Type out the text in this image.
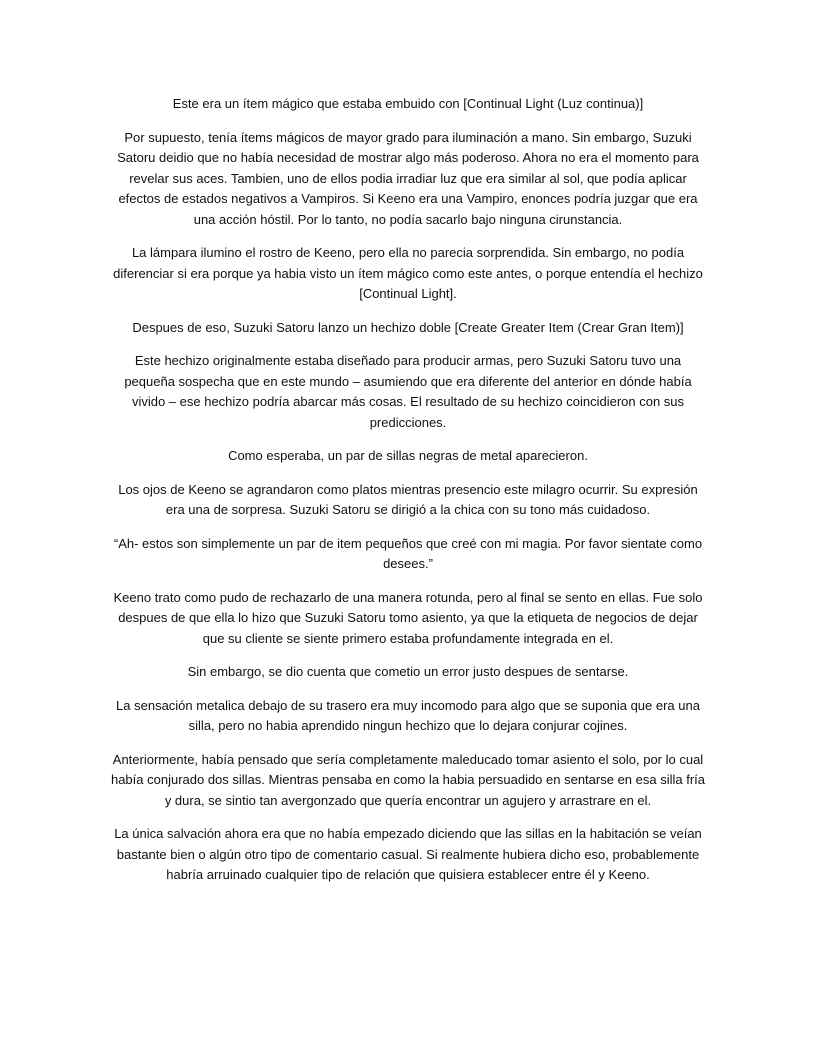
Este era un ítem mágico que estaba embuido con [Continual Light (Luz continua)]

Por supuesto, tenía ítems mágicos de mayor grado para iluminación a mano. Sin embargo, Suzuki Satoru deidio que no había necesidad de mostrar algo más poderoso. Ahora no era el momento para revelar sus aces. Tambien, uno de ellos podia irradiar luz que era similar al sol, que podía aplicar efectos de estados negativos a Vampiros. Si Keeno era una Vampiro, enonces podría juzgar que era una acción hóstil. Por lo tanto, no podía sacarlo bajo ninguna cirunstancia.

La lámpara ilumino el rostro de Keeno, pero ella no parecia sorprendida. Sin embargo, no podía diferenciar si era porque ya habia visto un ítem mágico como este antes, o porque entendía el hechizo [Continual Light].

Despues de eso, Suzuki Satoru lanzo un hechizo doble [Create Greater Item (Crear Gran Item)]

Este hechizo originalmente estaba diseñado para producir armas, pero Suzuki Satoru tuvo una pequeña sospecha que en este mundo – asumiendo que era diferente del anterior en dónde había vivido – ese hechizo podría abarcar más cosas. El resultado de su hechizo coincidieron con sus predicciones.

Como esperaba, un par de sillas negras de metal aparecieron.

Los ojos de Keeno se agrandaron como platos mientras presencio este milagro ocurrir. Su expresión era una de sorpresa. Suzuki Satoru se dirigió a la chica con su tono más cuidadoso.

“Ah- estos son simplemente un par de item pequeños que creé con mi magia. Por favor sientate como desees.”

Keeno trato como pudo de rechazarlo de una manera rotunda, pero al final se sento en ellas. Fue solo despues de que ella lo hizo que Suzuki Satoru tomo asiento, ya que la etiqueta de negocios de dejar que su cliente se siente primero estaba profundamente integrada en el.

Sin embargo, se dio cuenta que cometio un error justo despues de sentarse.

La sensación metalica debajo de su trasero era muy incomodo para algo que se suponia que era una silla, pero no habia aprendido ningun hechizo que lo dejara conjurar cojines.

Anteriormente, había pensado que sería completamente maleducado tomar asiento el solo, por lo cual había conjurado dos sillas. Mientras pensaba en como la habia persuadido en sentarse en esa silla fría y dura, se sintio tan avergonzado que quería encontrar un agujero y arrastrare en el.

La única salvación ahora era que no había empezado diciendo que las sillas en la habitación se veían bastante bien o algún otro tipo de comentario casual. Si realmente hubiera dicho eso, probablemente habría arruinado cualquier tipo de relación que quisiera establecer entre él y Keeno.
